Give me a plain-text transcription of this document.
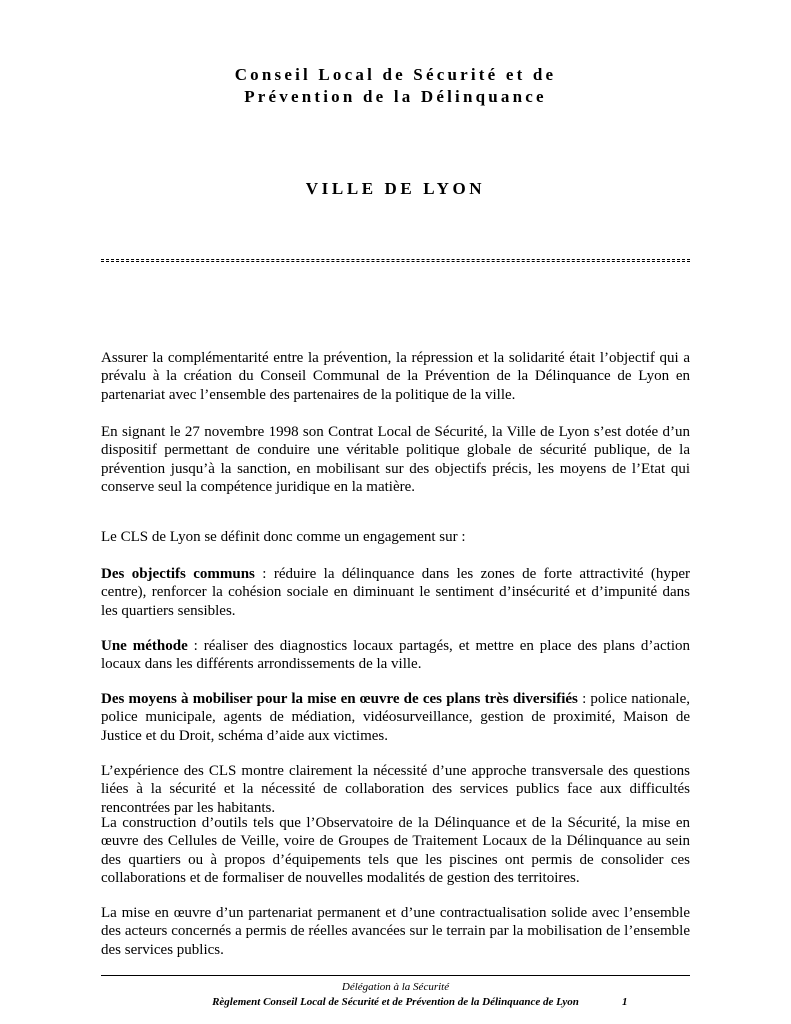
Conseil Local de Sécurité et de
Prévention de la Délinquance
VILLE DE LYON

Assurer la complémentarité entre la prévention, la répression et la solidarité était l’objectif qui a prévalu à la création du Conseil Communal de la Prévention de la Délinquance de Lyon en partenariat avec l’ensemble des partenaires de la politique de la ville.

En signant le 27 novembre 1998 son Contrat Local de Sécurité, la Ville de Lyon s’est dotée d’un dispositif permettant de conduire une véritable politique globale de sécurité publique, de la prévention jusqu’à la sanction, en mobilisant sur des objectifs précis, les moyens de l’Etat qui conserve seul la compétence juridique en la matière.

Le CLS de Lyon se définit donc comme un engagement sur :

Des objectifs communs : réduire la délinquance dans les zones de forte attractivité (hyper centre), renforcer la cohésion sociale en diminuant le sentiment d’insécurité et d’impunité dans les quartiers sensibles.

Une méthode : réaliser des diagnostics locaux partagés, et mettre en place des plans d’action locaux dans les différents arrondissements de la ville.

Des moyens à mobiliser pour la mise en œuvre de ces plans très diversifiés : police nationale, police municipale, agents de médiation, vidéosurveillance, gestion de proximité, Maison de Justice et du Droit, schéma d’aide aux victimes.

L’expérience des CLS montre clairement la nécessité d’une approche transversale des questions liées à la sécurité et la nécessité de collaboration des services publics face aux difficultés rencontrées par les habitants.

La construction d’outils tels que l’Observatoire de la Délinquance et de la Sécurité, la mise en œuvre des Cellules de Veille, voire de Groupes de Traitement Locaux de la Délinquance au sein des quartiers ou à propos d’équipements tels que les piscines ont permis de consolider ces collaborations et de formaliser de nouvelles modalités de gestion des territoires.

La mise en œuvre d’un partenariat permanent et d’une contractualisation solide avec l’ensemble des acteurs concernés a permis de réelles avancées sur le terrain par la mobilisation de l’ensemble des services publics.

Délégation à la Sécurité
Règlement Conseil Local de Sécurité et de Prévention de la Délinquance de Lyon	1
